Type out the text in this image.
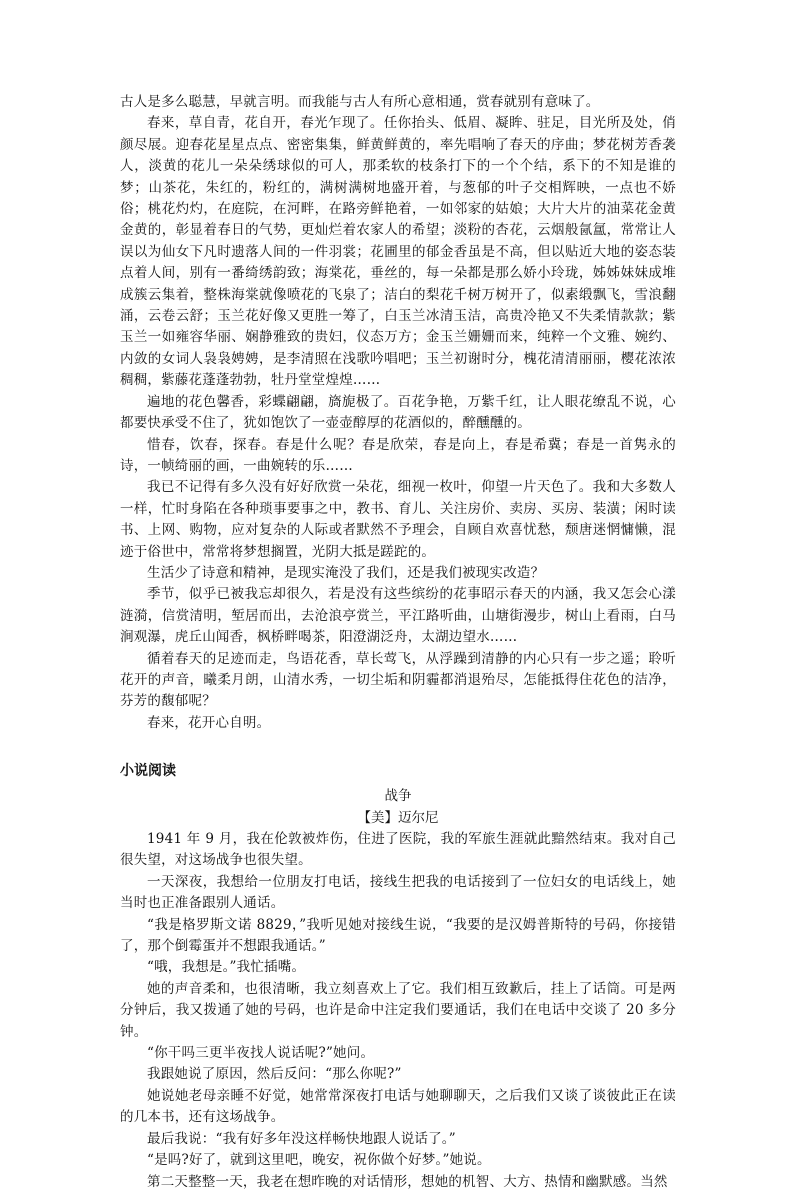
古人是多么聪慧，早就言明。而我能与古人有所心意相通，赏春就别有意味了。

春来，草自青，花自开，春光乍现了。任你抬头、低眉、凝眸、驻足，目光所及处，俏颜尽展。迎春花星星点点、密密集集，鲜黄鲜黄的，率先唱响了春天的序曲；梦花树芳香袭人，淡黄的花儿一朵朵绣球似的可人，那柔软的枝条打下的一个个结，系下的不知是谁的梦；山茶花，朱红的，粉红的，满树满树地盛开着，与葱郁的叶子交相辉映，一点也不娇俗；桃花灼灼，在庭院，在河畔，在路旁鲜艳着，一如邻家的姑娘；大片大片的油菜花金黄金黄的，彰显着春日的气势，更灿烂着农家人的希望；淡粉的杏花，云烟般氤氲，常常让人误以为仙女下凡时遗落人间的一件羽裳；花圃里的郁金香虽是不高，但以贴近大地的姿态装点着人间，别有一番绮绣韵致；海棠花，垂丝的，每一朵都是那么娇小玲珑，姊姊妹妹成堆成簇云集着，整株海棠就像喷花的飞泉了；洁白的梨花千树万树开了，似素缎飘飞，雪浪翻涌，云卷云舒；玉兰花好像又更胜一筹了，白玉兰冰清玉洁，高贵冷艳又不失柔情款款；紫玉兰一如雍容华丽、娴静雅致的贵妇，仪态万方；金玉兰姗姗而来，纯粹一个文雅、婉约、内敛的女词人袅袅娉娉，是李清照在浅歌吟唱吧；玉兰初谢时分，槐花清清丽丽，樱花浓浓稠稠，紫藤花蓬蓬勃勃，牡丹堂堂煌煌……

遍地的花色馨香，彩蝶翩翩，旖旎极了。百花争艳，万紫千红，让人眼花缭乱不说，心都要快承受不住了，犹如饱饮了一壶壶醇厚的花酒似的，醉醺醺的。

惜春，饮春，探春。春是什么呢？春是欣荣，春是向上，春是希冀；春是一首隽永的诗，一帧绮丽的画，一曲婉转的乐……

我已不记得有多久没有好好欣赏一朵花，细视一枚叶，仰望一片天色了。我和大多数人一样，忙时身陷在各种琐事要事之中，教书、育儿、关注房价、卖房、买房、装潢；闲时读书、上网、购物，应对复杂的人际或者默然不予理会，自顾自欢喜忧愁，颓唐迷惘慵懒，混迹于俗世中，常常将梦想搁置，光阴大抵是蹉跎的。

生活少了诗意和精神，是现实淹没了我们，还是我们被现实改造？

季节，似乎已被我忘却很久，若是没有这些缤纷的花事昭示春天的内涵，我又怎会心漾涟漪，信赏清明，堑居而出，去沧浪亭赏兰，平江路听曲，山塘街漫步，树山上看雨，白马涧观瀑，虎丘山闻香，枫桥畔喝茶，阳澄湖泛舟，太湖边望水……

循着春天的足迹而走，鸟语花香，草长莺飞，从浮躁到清静的内心只有一步之遥；聆听花开的声音，曦柔月朗，山清水秀，一切尘垢和阴霾都消退殆尽，怎能抵得住花色的洁净，芬芳的馥郁呢？

春来，花开心自明。

小说阅读
战争
【美】迈尔尼

1941 年 9 月，我在伦敦被炸伤，住进了医院，我的军旅生涯就此黯然结束。我对自己很失望，对这场战争也很失望。

一天深夜，我想给一位朋友打电话，接线生把我的电话接到了一位妇女的电话线上，她当时也正准备跟别人通话。

“我是格罗斯文诺 8829，”我听见她对接线生说，“我要的是汉姆普斯特的号码，你接错了，那个倒霉蛋并不想跟我通话。”

“哦，我想是。”我忙插嘴。

她的声音柔和，也很清晰，我立刻喜欢上了它。我们相互致歉后，挂上了话筒。可是两分钟后，我又拨通了她的号码，也许是命中注定我们要通话，我们在电话中交谈了 20 多分钟。

“你干吗三更半夜找人说话呢?”她问。

我跟她说了原因，然后反问：“那么你呢?”

她说她老母亲睡不好觉，她常常深夜打电话与她聊聊天，之后我们又谈了谈彼此正在读的几本书，还有这场战争。

最后我说：“我有好多年没这样畅快地跟人说话了。”

“是吗?好了，就到这里吧，晚安，祝你做个好梦。”她说。

第二天整整一天，我老在想昨晚的对话情形，想她的机智、大方、热情和幽默感。当然
